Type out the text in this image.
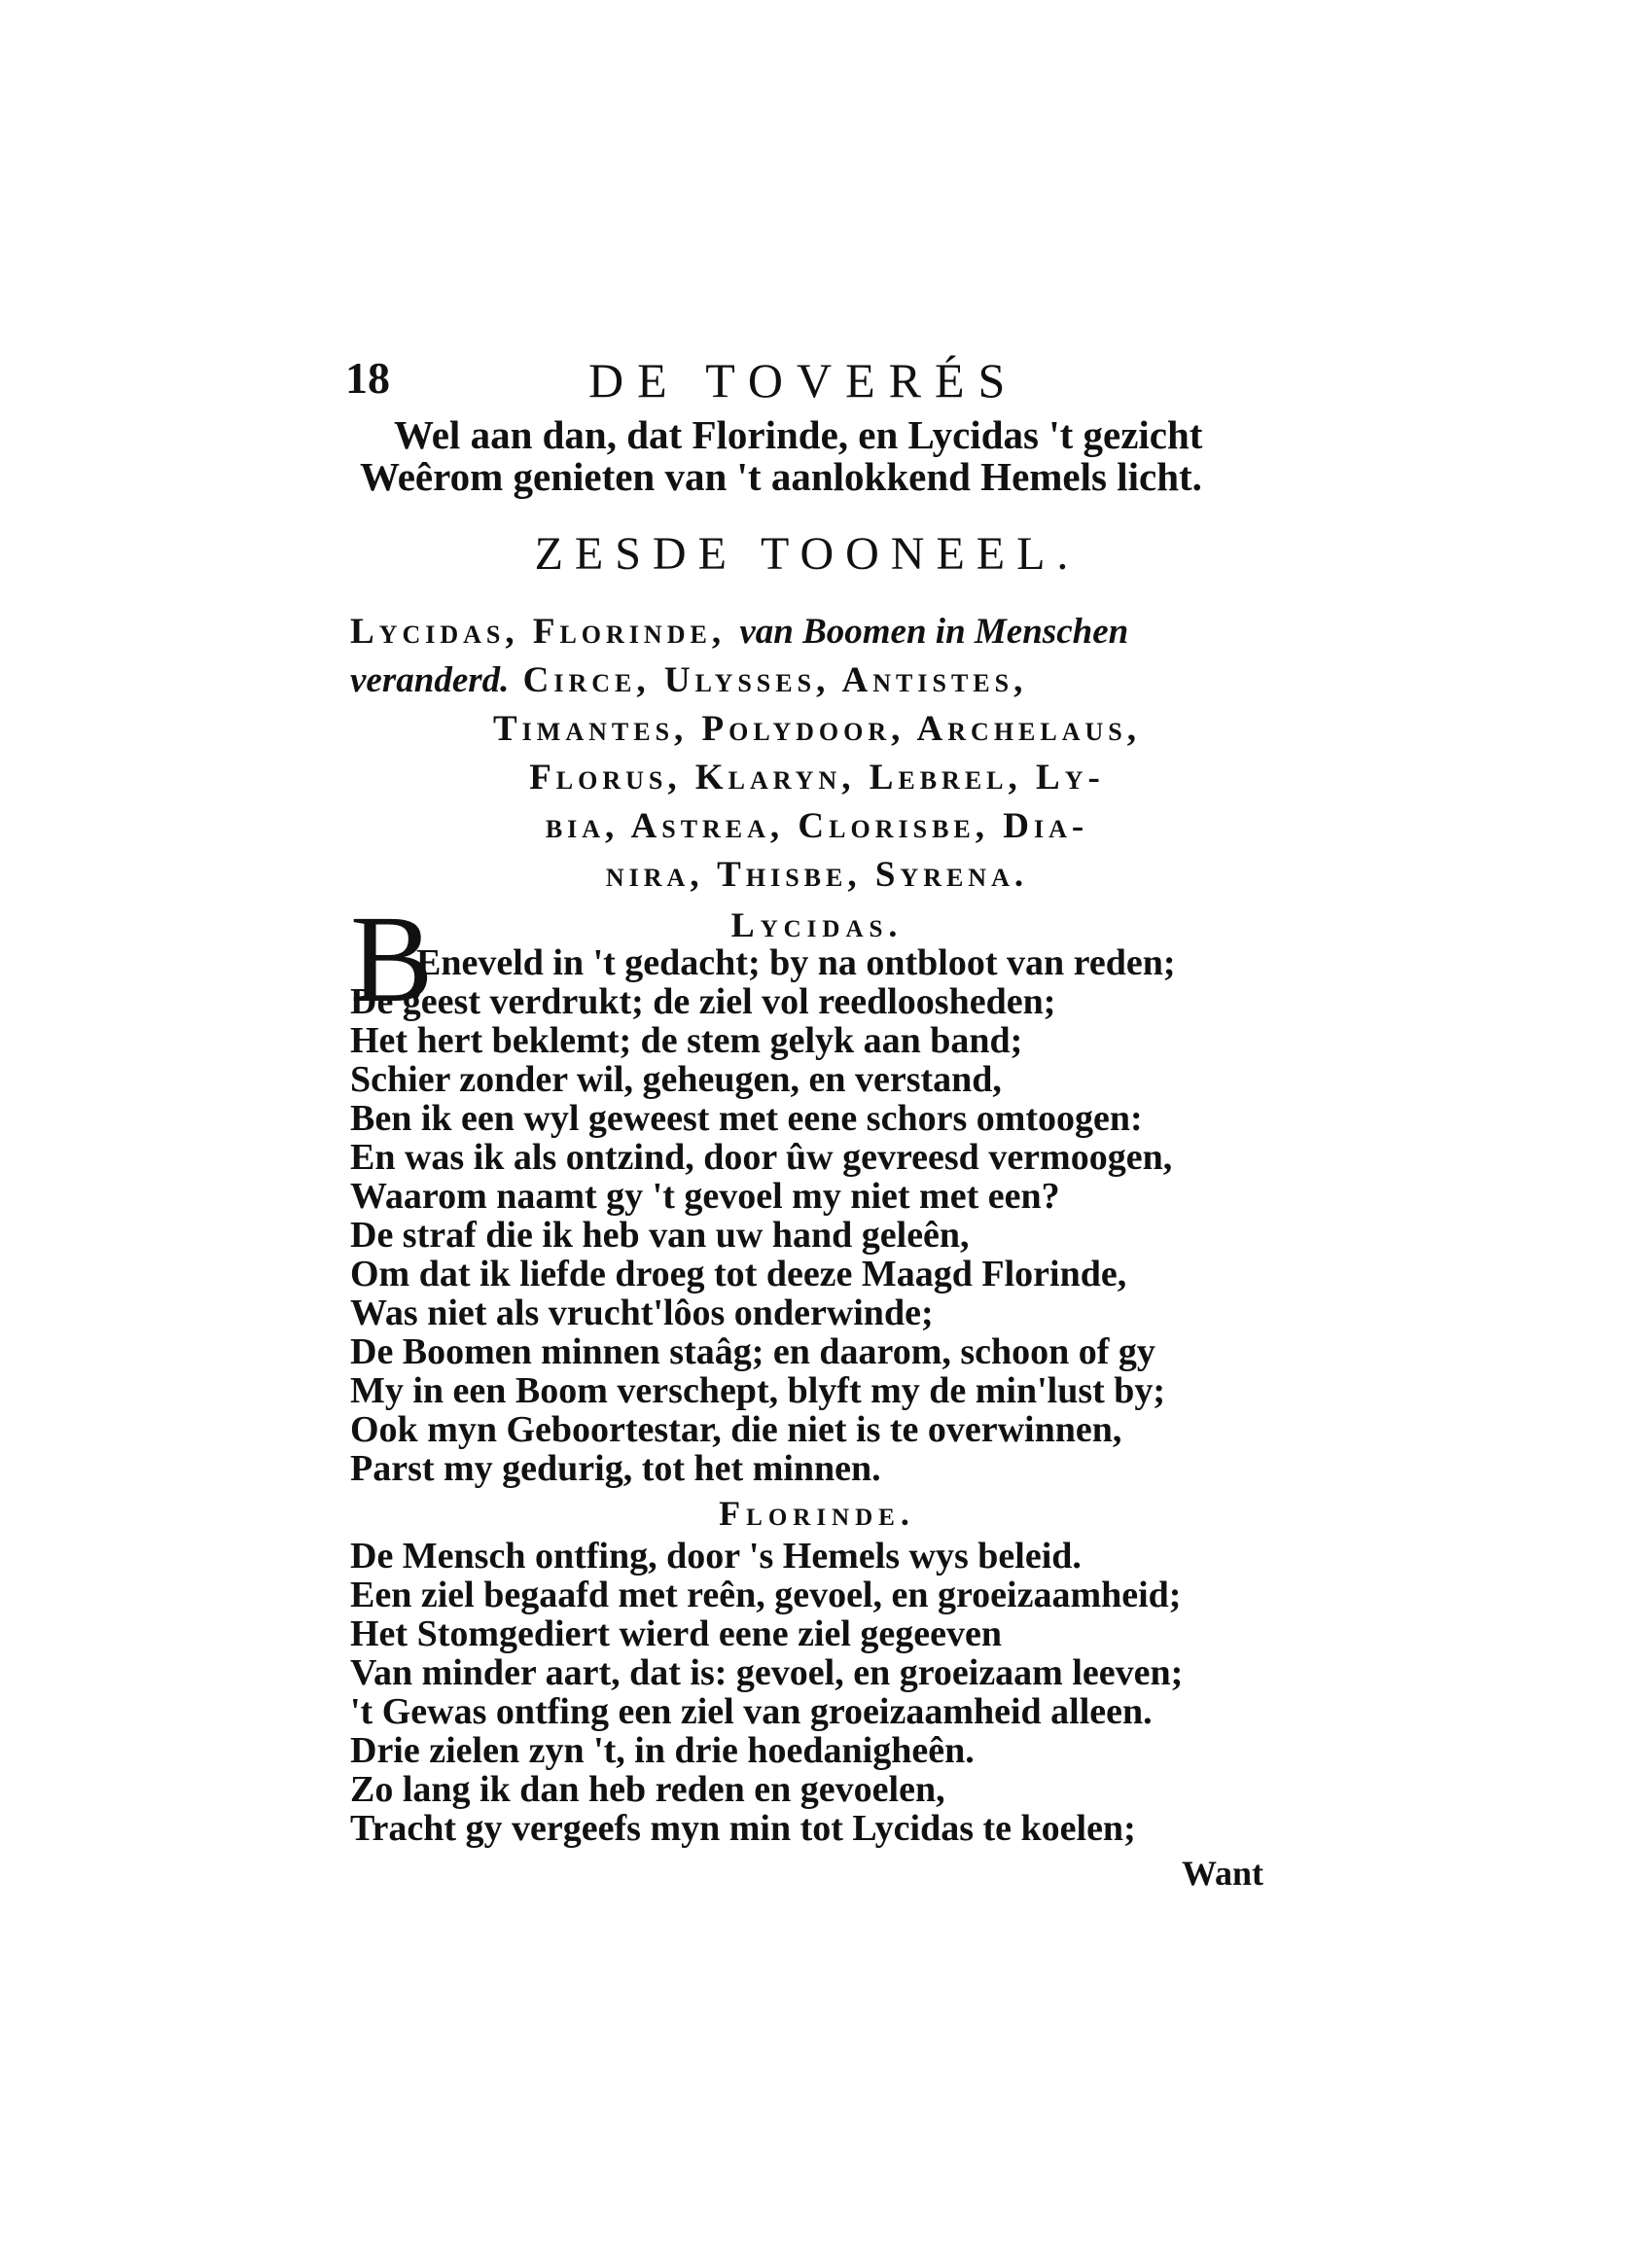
18	DE TOVERÉS
Wel aan dan, dat Florinde, en Lycidas 't gezicht
Weêrom genieten van 't aanlokkend Hemels licht.
ZESDE TOONEEL.
Lycidas, Florinde, van Boomen in Menschen
veranderd. Circe, Ulysses, Antistes,
Timantes, Polydoor, Archelaus,
Florus, Klaryn, Lebrel, Ly-
bia, Astrea, Clorisbe, Dia-
nira, Thisbe, Syrena.
Lycidas.
B
Eneveld in 't gedacht; by na ontbloot van reden;
De geest verdrukt; de ziel vol reedloosheden;
Het hert beklemt; de stem gelyk aan band;
Schier zonder wil, geheugen, en verstand,
Ben ik een wyl geweest met eene schors omtoogen:
En was ik als ontzind, door ûw gevreesd vermoogen,
Waarom naamt gy 't gevoel my niet met een?
De straf die ik heb van uw hand geleên,
Om dat ik liefde droeg tot deeze Maagd Florinde,
Was niet als vrucht'lôos onderwinde;
De Boomen minnen staâg; en daarom, schoon of gy
My in een Boom verschept, blyft my de min'lust by;
Ook myn Geboortestar, die niet is te overwinnen,
Parst my gedurig, tot het minnen.
Florinde.
De Mensch ontfing, door 's Hemels wys beleid.
Een ziel begaafd met reên, gevoel, en groeizaamheid;
Het Stomgediert wierd eene ziel gegeeven
Van minder aart, dat is: gevoel, en groeizaam leeven;
't Gewas ontfing een ziel van groeizaamheid alleen.
Drie zielen zyn 't, in drie hoedanigheên.
Zo lang ik dan heb reden en gevoelen,
Tracht gy vergeefs myn min tot Lycidas te koelen;
Want
